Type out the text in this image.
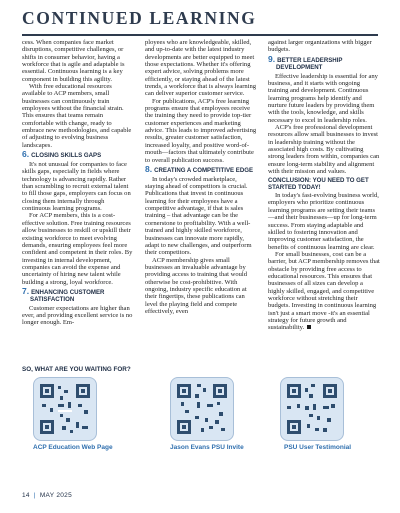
CONTINUED LEARNING

cess. When companies face market disruptions, competitive challenges, or shifts in consumer behavior, having a workforce that is agile and adaptable is essential. Continuous learning is a key component in building this agility.

With free educational resources available to ACP members, small businesses can continuously train employees without the financial strain. This ensures that teams remain comfortable with change, ready to embrace new methodologies, and capable of adjusting to evolving business landscapes.

6. CLOSING SKILLS GAPS

It's not unusual for companies to face skills gaps, especially in fields where technology is advancing rapidly. Rather than scrambling to recruit external talent to fill those gaps, employers can focus on closing them internally through continuous learning programs.

For ACP members, this is a cost-effective solution. Free training resources allow businesses to reskill or upskill their existing workforce to meet evolving demands, ensuring employees feel more confident and competent in their roles. By investing in internal development, companies can avoid the expense and uncertainty of hiring new talent while building a strong, loyal workforce.

7. ENHANCING CUSTOMER SATISFACTION

Customer expectations are higher than ever, and providing excellent service is no longer enough. Em-

ployees who are knowledgeable, skilled, and up-to-date with the latest industry developments are better equipped to meet those expectations. Whether it's offering expert advice, solving problems more efficiently, or staying ahead of the latest trends, a workforce that is always learning can deliver superior customer service.

For publications, ACP's free learning programs ensure that employees receive the training they need to provide top-tier customer experiences and marketing advice. This leads to improved advertising results, greater customer satisfaction, increased loyalty, and positive word-of-mouth—factors that ultimately contribute to overall publication success.

8. CREATING A COMPETITIVE EDGE

In today's crowded marketplace, staying ahead of competitors is crucial. Publications that invest in continuous learning for their employees have a competitive advantage, if that is sales training – that advantage can be the cornerstone to profitability. With a well-trained and highly skilled workforce, businesses can innovate more rapidly, adapt to new challenges, and outperform their competitors.

ACP membership gives small businesses an invaluable advantage by providing access to training that would otherwise be cost-prohibitive. With ongoing, industry specific education at their fingertips, these publications can level the playing field and compete effectively, even

against larger organizations with bigger budgets.

9. BETTER LEADERSHIP DEVELOPMENT

Effective leadership is essential for any business, and it starts with ongoing training and development. Continuous learning programs help identify and nurture future leaders by providing them with the tools, knowledge, and skills necessary to excel in leadership roles.

ACP's free professional development resources allow small businesses to invest in leadership training without the associated high costs. By cultivating strong leaders from within, companies can ensure long-term stability and alignment with their mission and values.

CONCLUSION: YOU NEED TO GET STARTED TODAY!

In today's fast-evolving business world, employers who prioritize continuous learning programs are setting their teams—and their businesses—up for long-term success. From staying adaptable and skilled to fostering innovation and improving customer satisfaction, the benefits of continuous learning are clear.

For small businesses, cost can be a barrier, but ACP membership removes that obstacle by providing free access to educational resources. This ensures that businesses of all sizes can develop a highly skilled, engaged, and competitive workforce without stretching their budgets. Investing in continuous learning isn't just a smart move -it's an essential strategy for future growth and sustainability.

SO, WHAT ARE YOU WAITING FOR?
ACP Education Web Page	Jason Evans PSU Invite	PSU User Testimonial
14 | MAY 2025
